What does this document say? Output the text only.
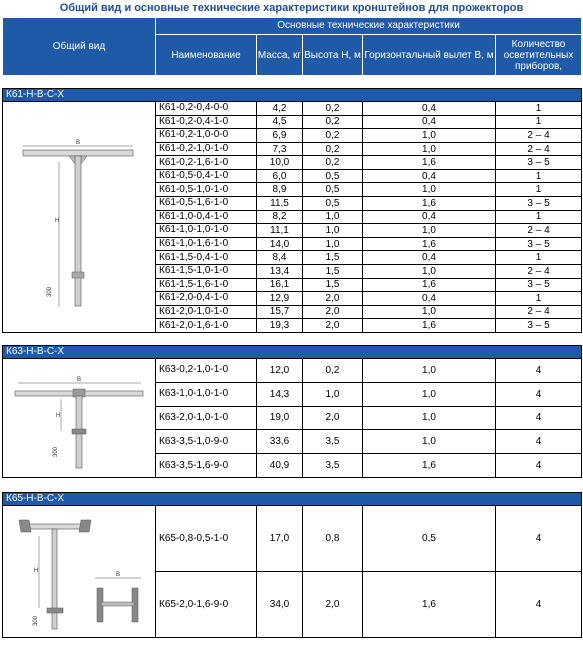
Общий вид и основные технические характеристики кронштейнов для прожекторов
Общий вид	Основные технические характеристики				
	Наименование	Масса, кг	Высота Н, м	Горизонтальный вылет В, м	Количество осветительных приборов,

К61-Н-В-С-Х					

В
Н
300	К61-0,2-0,4-0-0	4,2	0,2	0,4	1
	К61-0,2-0,4-1-0	4,5	0,2	0,4	1
	К61-0,2-1,0-0-0	6,9	0,2	1,0	2 – 4
	К61-0,2-1,0-1-0	7,3	0,2	1,0	2 – 4
	К61-0,2-1,6-1-0	10,0	0,2	1,6	3 – 5
	К61-0,5-0,4-1-0	6,0	0,5	0,4	1
	К61-0,5-1,0-1-0	8,9	0,5	1,0	1
	К61-0,5-1,6-1-0	11,5	0,5	1,6	3 – 5
	К61-1,0-0,4-1-0	8,2	1,0	0,4	1
	К61-1,0-1,0-1-0	11,1	1,0	1,0	2 – 4
	К61-1,0-1,6-1-0	14,0	1,0	1,6	3 – 5
	К61-1,5-0,4-1-0	8,4	1,5	0,4	1
	К61-1,5-1,0-1-0	13,4	1,5	1,0	2 – 4
	К61-1,5-1,6-1-0	16,1	1,5	1,6	3 – 5
	К61-2,0-0,4-1-0	12,9	2,0	0,4	1
	К61-2,0-1,0-1-0	15,7	2,0	1,0	2 – 4
	К61-2,0-1,6-1-0	19,3	2,0	1,6	3 – 5

К63-Н-В-С-Х					

В
Н
300	К63-0,2-1,0-1-0	12,0	0,2	1,0	4
	К63-1,0-1,0-1-0	14,3	1,0	1,0	4
	К63-2,0-1,0-1-0	19,0	2,0	1,0	4
	К63-3,5-1,0-9-0	33,6	3,5	1,0	4
	К63-3,5-1,6-9-0	40,9	3,5	1,6	4

К65-Н-В-С-Х					

Н
300
В	К65-0,8-0,5-1-0	17,0	0,8	0,5	4
	К65-2,0-1,6-9-0	34,0	2,0	1,6	4
